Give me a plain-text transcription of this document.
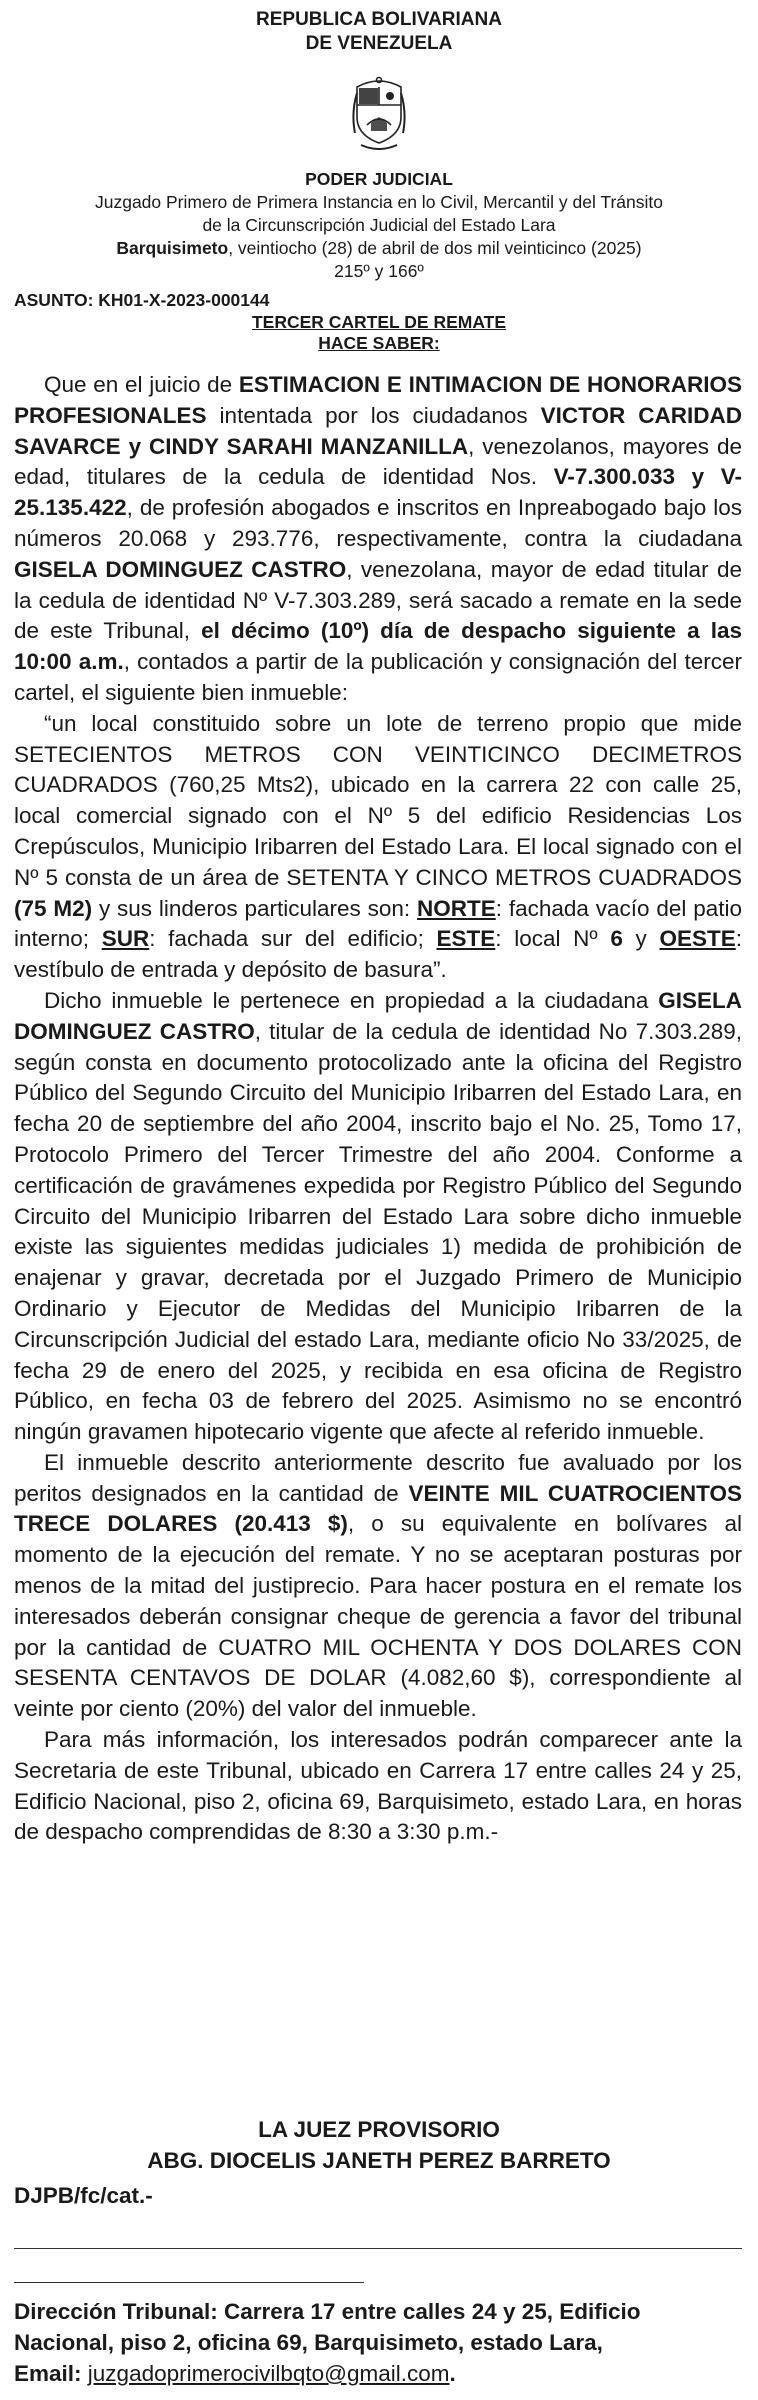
REPUBLICA BOLIVARIANA
DE VENEZUELA
PODER JUDICIAL
Juzgado Primero de Primera Instancia en lo Civil, Mercantil y del Tránsito
de la Circunscripción Judicial del Estado Lara
Barquisimeto, veintiocho (28) de abril de dos mil veinticinco (2025)
215º y 166º
ASUNTO: KH01-X-2023-000144
TERCER CARTEL DE REMATE
HACE SABER:

Que en el juicio de ESTIMACION E INTIMACION DE HONORARIOS PROFESIONALES intentada por los ciudadanos VICTOR CARIDAD SAVARCE y CINDY SARAHI MANZANILLA, venezolanos, mayores de edad, titulares de la cedula de identidad Nos. V-7.300.033 y V-25.135.422, de profesión abogados e inscritos en Inpreabogado bajo los números 20.068 y 293.776, respectivamente, contra la ciudadana GISELA DOMINGUEZ CASTRO, venezolana, mayor de edad titular de la cedula de identidad Nº V-7.303.289, será sacado a remate en la sede de este Tribunal, el décimo (10º) día de despacho siguiente a las 10:00 a.m., contados a partir de la publicación y consignación del tercer cartel, el siguiente bien inmueble:

“un local constituido sobre un lote de terreno propio que mide SETECIENTOS METROS CON VEINTICINCO DECIMETROS CUADRADOS (760,25 Mts2), ubicado en la carrera 22 con calle 25, local comercial signado con el Nº 5 del edificio Residencias Los Crepúsculos, Municipio Iribarren del Estado Lara. El local signado con el Nº 5 consta de un área de SETENTA Y CINCO METROS CUADRADOS (75 M2) y sus linderos particulares son: NORTE: fachada vacío del patio interno; SUR: fachada sur del edificio; ESTE: local Nº 6 y OESTE: vestíbulo de entrada y depósito de basura”.

Dicho inmueble le pertenece en propiedad a la ciudadana GISELA DOMINGUEZ CASTRO, titular de la cedula de identidad No 7.303.289, según consta en documento protocolizado ante la oficina del Registro Público del Segundo Circuito del Municipio Iribarren del Estado Lara, en fecha 20 de septiembre del año 2004, inscrito bajo el No. 25, Tomo 17, Protocolo Primero del Tercer Trimestre del año 2004. Conforme a certificación de gravámenes expedida por Registro Público del Segundo Circuito del Municipio Iribarren del Estado Lara sobre dicho inmueble existe las siguientes medidas judiciales 1) medida de prohibición de enajenar y gravar, decretada por el Juzgado Primero de Municipio Ordinario y Ejecutor de Medidas del Municipio Iribarren de la Circunscripción Judicial del estado Lara, mediante oficio No 33/2025, de fecha 29 de enero del 2025, y recibida en esa oficina de Registro Público, en fecha 03 de febrero del 2025. Asimismo no se encontró ningún gravamen hipotecario vigente que afecte al referido inmueble.

El inmueble descrito anteriormente descrito fue avaluado por los peritos designados en la cantidad de VEINTE MIL CUATROCIENTOS TRECE DOLARES (20.413 $), o su equivalente en bolívares al momento de la ejecución del remate. Y no se aceptaran posturas por menos de la mitad del justiprecio. Para hacer postura en el remate los interesados deberán consignar cheque de gerencia a favor del tribunal por la cantidad de CUATRO MIL OCHENTA Y DOS DOLARES CON SESENTA CENTAVOS DE DOLAR (4.082,60 $), correspondiente al veinte por ciento (20%) del valor del inmueble.

Para más información, los interesados podrán comparecer ante la Secretaria de este Tribunal, ubicado en Carrera 17 entre calles 24 y 25, Edificio Nacional, piso 2, oficina 69, Barquisimeto, estado Lara, en horas de despacho comprendidas de 8:30 a 3:30 p.m.-

LA JUEZ PROVISORIO
ABG. DIOCELIS JANETH PEREZ BARRETO
DJPB/fc/cat.-
Dirección Tribunal: Carrera 17 entre calles 24 y 25, Edificio Nacional, piso 2, oficina 69, Barquisimeto, estado Lara,
Email: juzgadoprimerocivilbqto@gmail.com.
